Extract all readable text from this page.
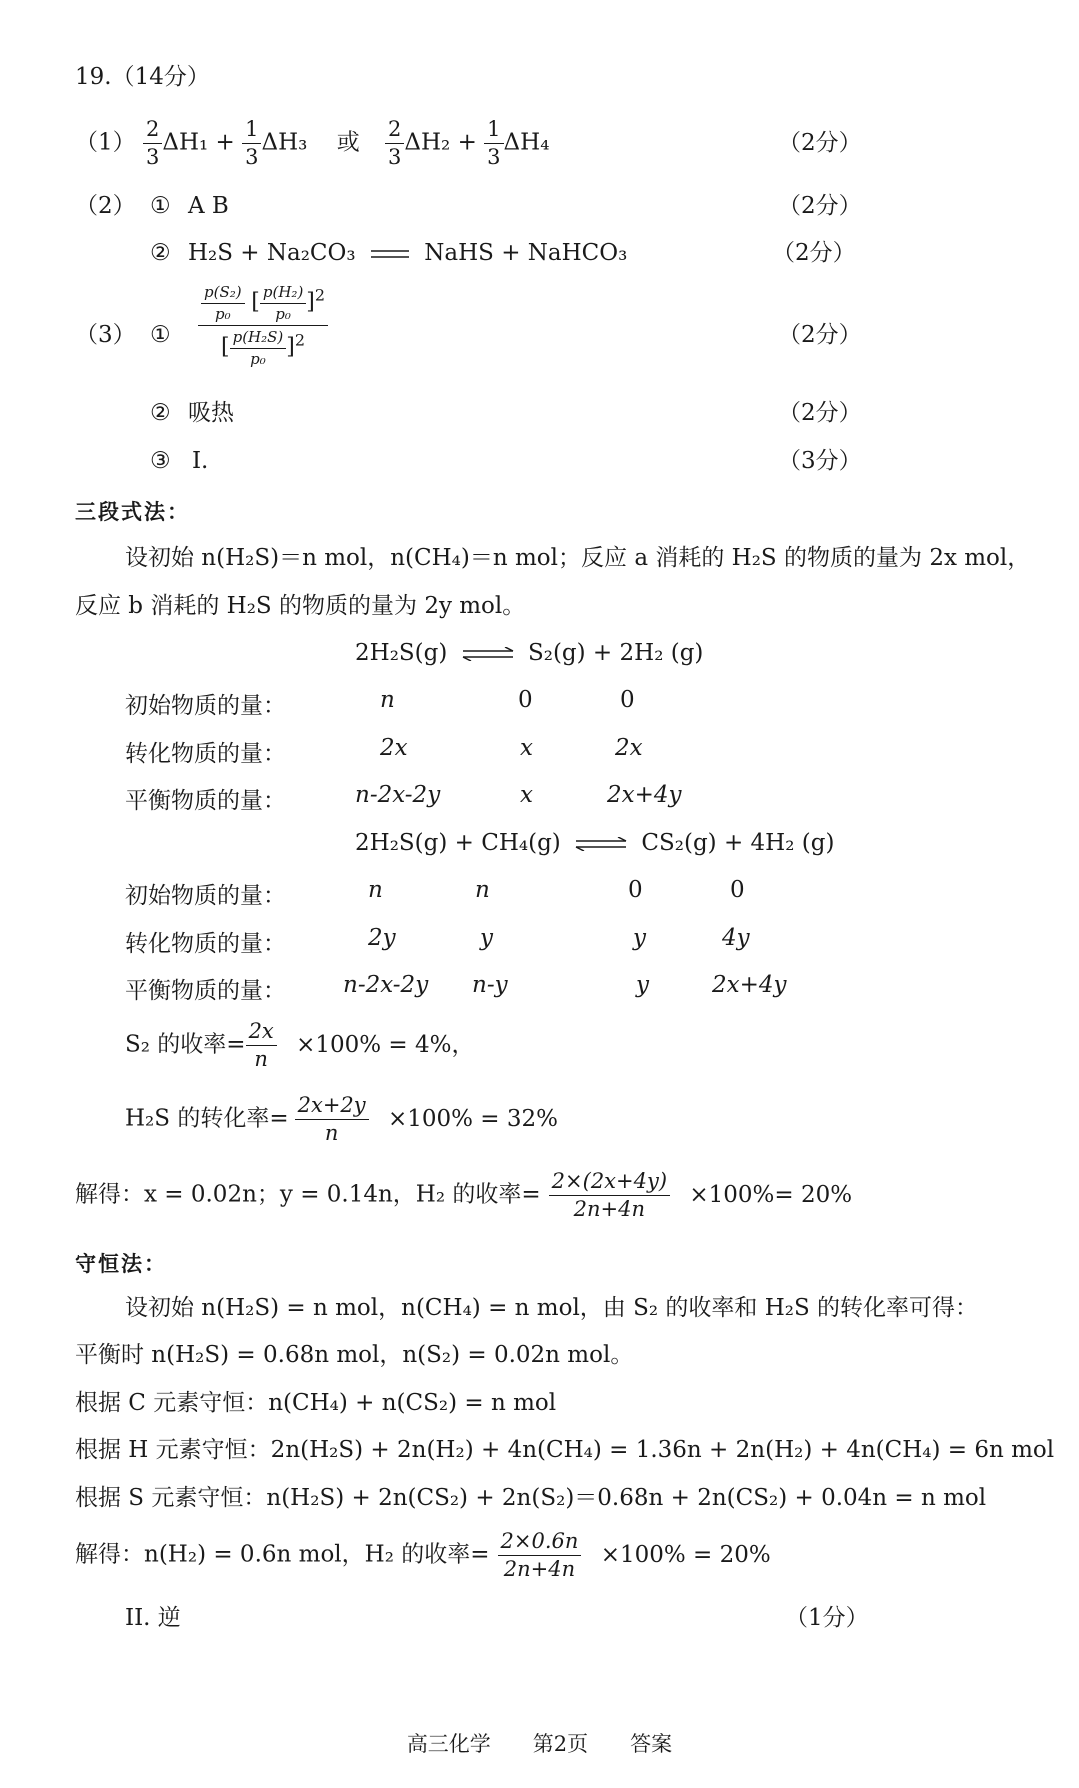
19.（14分）
$(1) \frac{2}{3} \Delta H_1 + \frac{1}{3} \Delta H_3$ 或 $\frac{2}{3} \Delta H_2 + \frac{1}{3} \Delta H_4$	（2分）
（2） ① A B	（2分）
② H₂S + Na₂CO₃	NaHS + NaHCO₃	（2分）
（3） ① $\frac{\frac{\text{p(S₂)}}{\text{p₀}} [ \frac{\text{p(H₂)}}{\text{p₀}} ]^2}{[ \frac{\text{p(H₂S)}}{\text{p₀}} ]^2}$	（2分）
② 吸热	（2分）
③ I.	（3分）
三段式法：
设初始 n(H₂S)＝n mol，n(CH₄)＝n mol；反应 a 消耗的 H₂S 的物质的量为 2x mol，
反应 b 消耗的 H₂S 的物质的量为 2y mol。
2H₂S(g) ⇌ S₂(g) + 2H₂ (g)
初始物质的量：	n	0	0
转化物质的量：	2x	x	2x
平衡物质的量：	n-2x-2y	x	2x+4y
2H₂S(g) + CH₄(g) ⇌ CS₂(g) + 4H₂ (g)
初始物质的量：	n	n	0	0
转化物质的量：	2y	y	y	4y
平衡物质的量： n-2x-2y n-y	y	2x+4y
S₂ 的收率= $\frac{2x}{n} \times 100\% = 4\%$，
H₂S 的转化率= $\frac{2x+2y}{n} \times 100\% = 32\%$
解得：x = 0.02n；y = 0.14n，H₂ 的收率= $\frac{2\times(2x+4y)}{2n+4n} \times 100\%= 20\%$
守恒法：
设初始 n(H₂S) = n mol，n(CH₄) = n mol，由 S₂ 的收率和 H₂S 的转化率可得：
平衡时 n(H₂S) = 0.68n mol，n(S₂) = 0.02n mol。
根据 C 元素守恒：n(CH₄) + n(CS₂) = n mol
根据 H 元素守恒：2n(H₂S) + 2n(H₂) + 4n(CH₄) = 1.36n + 2n(H₂) + 4n(CH₄) = 6n mol
根据 S 元素守恒：n(H₂S) + 2n(CS₂) + 2n(S₂)＝0.68n + 2n(CS₂) + 0.04n = n mol
解得：n(H₂) = 0.6n mol，H₂ 的收率= $\frac{2\times 0.6n}{2n+4n} \times 100\% = 20\%$
II. 逆	（1分）
高三化学　　第2页　　答案
